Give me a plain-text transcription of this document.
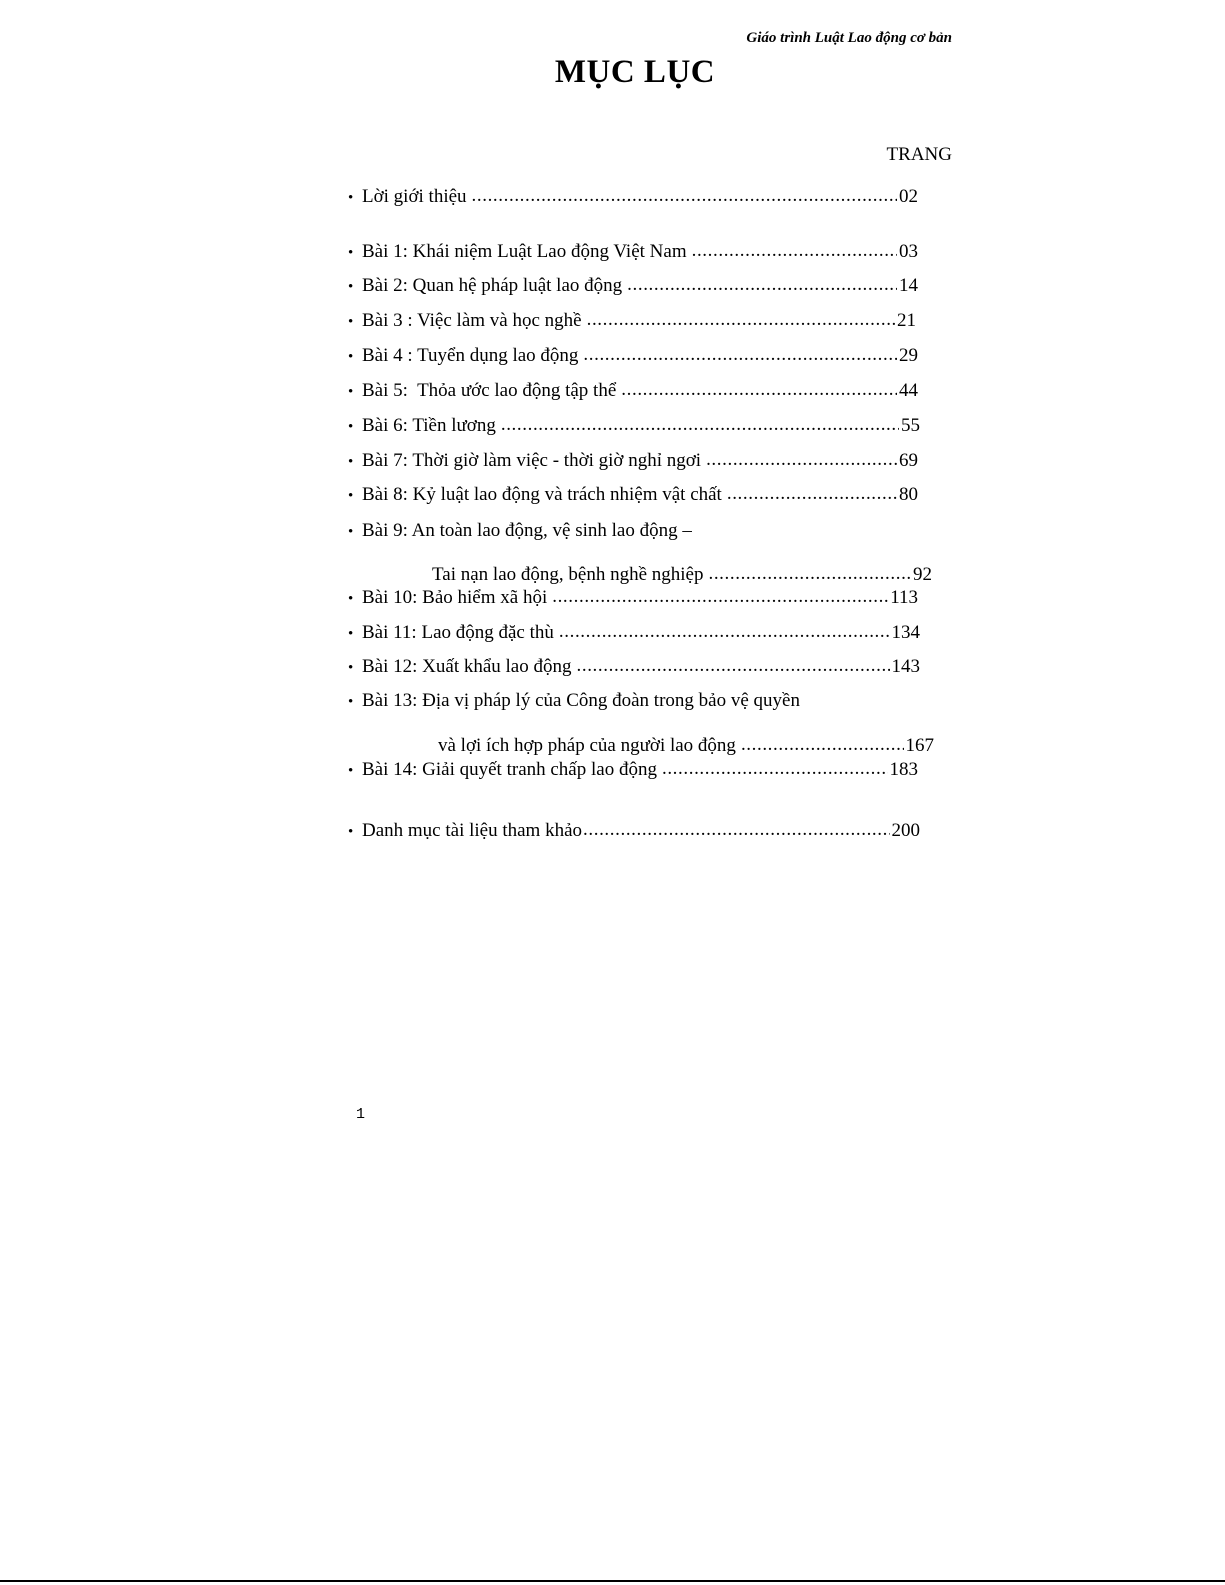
Giáo trình Luật Lao động cơ bản
MỤC LỤC
TRANG
• Lời giới thiệu .....	02
• Bài 1: Khái niệm Luật Lao động Việt Nam .....	03
• Bài 2: Quan hệ pháp luật lao động .....	14
• Bài 3 : Việc làm và học nghề .....	21
• Bài 4 : Tuyển dụng lao động .....	29
• Bài 5:  Thỏa ước lao động tập thể .....	44
• Bài 6: Tiền lương .....	55
• Bài 7: Thời giờ làm việc - thời giờ nghỉ ngơi .....	69
• Bài 8: Kỷ luật lao động và trách nhiệm vật chất .....	80
• Bài 9: An toàn lao động, vệ sinh lao động –
Tai nạn lao động, bệnh nghề nghiệp .....	92
• Bài 10: Bảo hiểm xã hội .....	113
• Bài 11: Lao động đặc thù .....	134
• Bài 12: Xuất khẩu lao động .....	143
• Bài 13: Địa vị pháp lý của Công đoàn trong bảo vệ quyền
và lợi ích hợp pháp của người lao động .....	167
• Bài 14: Giải quyết tranh chấp lao động .....	183
• Danh mục tài liệu tham khảo .....	200
1
